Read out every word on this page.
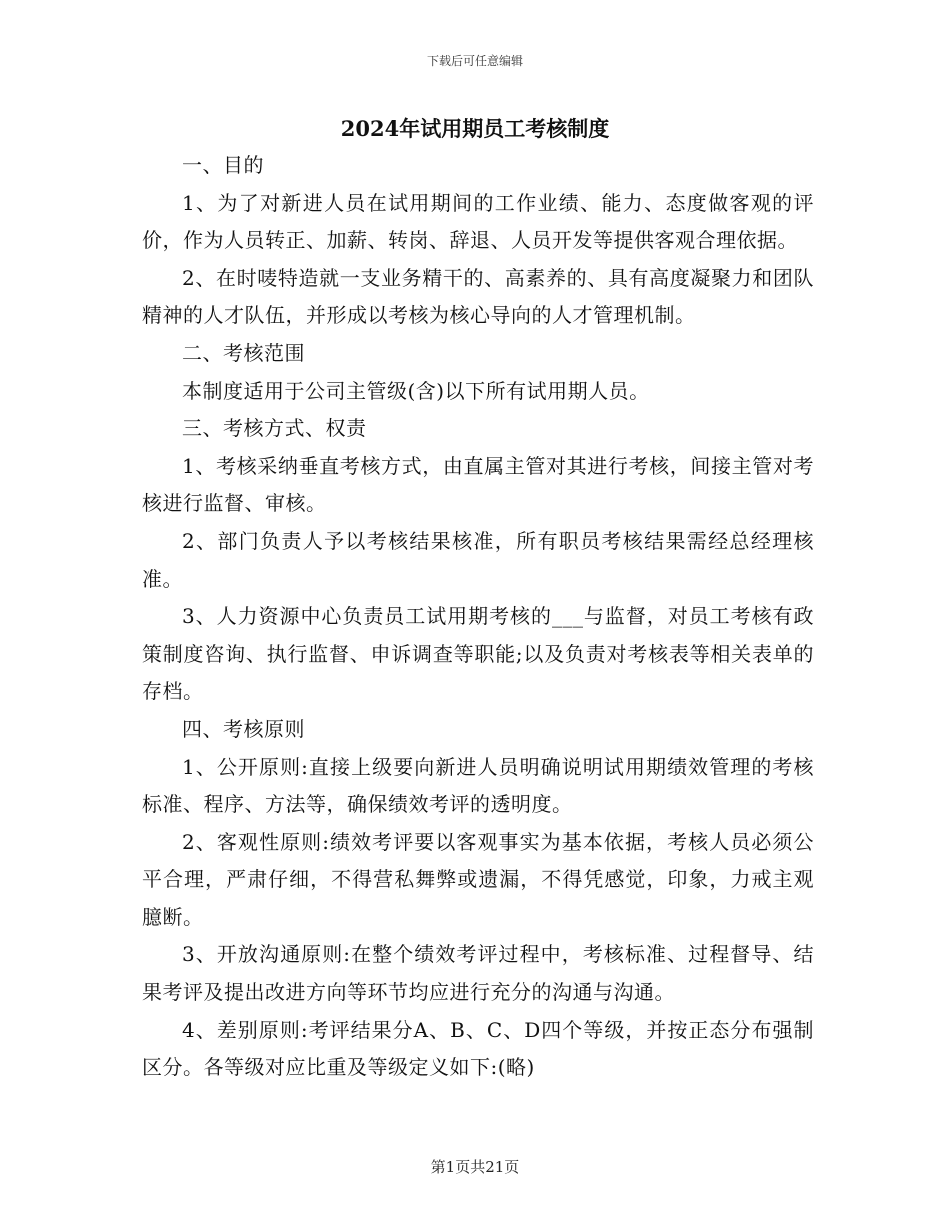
下载后可任意编辑
2024年试用期员工考核制度

一、目的

1、为了对新进人员在试用期间的工作业绩、能力、态度做客观的评价，作为人员转正、加薪、转岗、辞退、人员开发等提供客观合理依据。

2、在时唛特造就一支业务精干的、高素养的、具有高度凝聚力和团队精神的人才队伍，并形成以考核为核心导向的人才管理机制。

二、考核范围

本制度适用于公司主管级(含)以下所有试用期人员。

三、考核方式、权责

1、考核采纳垂直考核方式，由直属主管对其进行考核，间接主管对考核进行监督、审核。

2、部门负责人予以考核结果核准，所有职员考核结果需经总经理核准。

3、人力资源中心负责员工试用期考核的___与监督，对员工考核有政策制度咨询、执行监督、申诉调查等职能;以及负责对考核表等相关表单的存档。

四、考核原则

1、公开原则:直接上级要向新进人员明确说明试用期绩效管理的考核标准、程序、方法等，确保绩效考评的透明度。

2、客观性原则:绩效考评要以客观事实为基本依据，考核人员必须公平合理，严肃仔细，不得营私舞弊或遗漏，不得凭感觉，印象，力戒主观臆断。

3、开放沟通原则:在整个绩效考评过程中，考核标准、过程督导、结果考评及提出改进方向等环节均应进行充分的沟通与沟通。

4、差别原则:考评结果分A、B、C、D四个等级，并按正态分布强制区分。各等级对应比重及等级定义如下:(略)

第1页共21页
